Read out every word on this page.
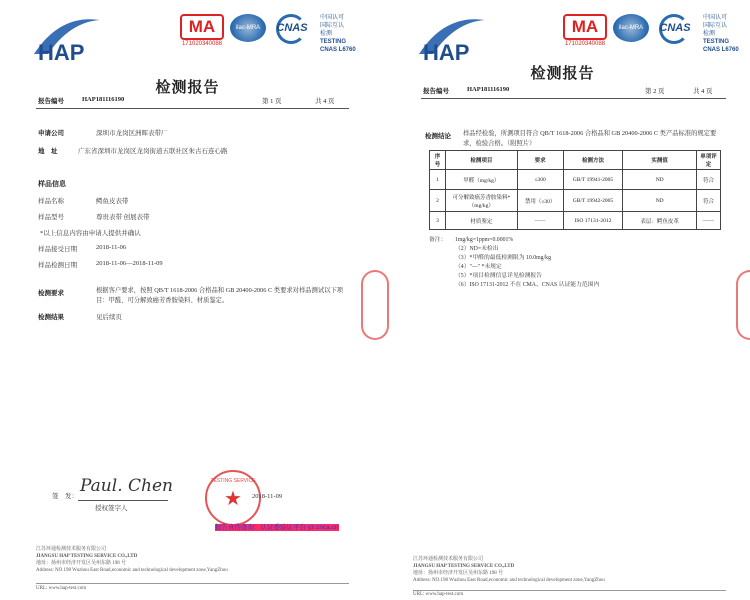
HAP
MA
171020340088
ilac-MRA	CNAS
中国认可
国际互认
检测
TESTING
CNAS L6760
检测报告
报告编号	HAP181116190	第 1 页	共 4 页
申请公司	深圳市龙岗区洲晖表带厂
地　址	广东省深圳市龙岗区龙岗街道五联社区朱古石连心路
样品信息
样品名称	鳄鱼皮表带
样品型号	尊贵表带 创展表带
*以上信息内容由申请人提供并确认
样品接受日期	2018-11-06
样品检测日期	2018-11-06—2018-11-09
检测要求	根据客户要求，按照 QB/T 1618-2006 合格品和 GB 20400-2006 C 类要求对样品测试以下项目：甲醛、可分解致癌芳香胺染料、材质鉴定。
检测结果	见后续页
签　发：
Paul. Chen
授权签字人
TESTING SERVICE
★ 2018-11-09
报告真伪查询：认证委验证平台 yz.cnca.cn
江苏环通检测技术服务有限公司
JIANGSU HAP TESTING SERVICE CO.,LTD
地址：扬州市经济开发区吴州东路 198 号
Address: NO.198 Wuzhou East Road,economic and technological development zone,YangZhou
URL: www.hap-test.com
HAP
MA
171020340088
ilac-MRA	CNAS
中国认可
国际互认
检测
TESTING
CNAS L6760
检测报告
报告编号	HAP181116190	第 2 页	共 4 页
检测结论 样品经检验，所测项目符合 QB/T 1618-2006 合格品和 GB 20400-2006 C 类产品标准的规定要求，检验合格。（附照片）
序号	检测项目	要求	检测方法	实测值	单项评定
1	甲醛（mg/kg）	≤300	GB/T 19941-2005	ND	符合
2	可分解致癌芳香胺染料*（mg/kg）	禁用（≤30）	GB/T 19942-2005	ND	符合
3	材质鉴定	——	ISO 17131-2012	表层：鳄鱼皮革	——
备注： 1mg/kg=1ppm=0.0001%
（2）ND=未检出
（3）*甲醛的最低检测限为 10.0mg/kg
（4）"—" *未规定
（5）*项目检测信息详见检测报告
（6）ISO 17131-2012 不在 CMA、CNAS 认证能力范围内
江苏环通检测技术服务有限公司
JIANGSU HAP TESTING SERVICE CO.,LTD
地址：扬州市经济开发区吴州东路 198 号
Address: NO.198 Wuzhou East Road,economic and technological development zone,YangZhou
URL: www.hap-test.com
